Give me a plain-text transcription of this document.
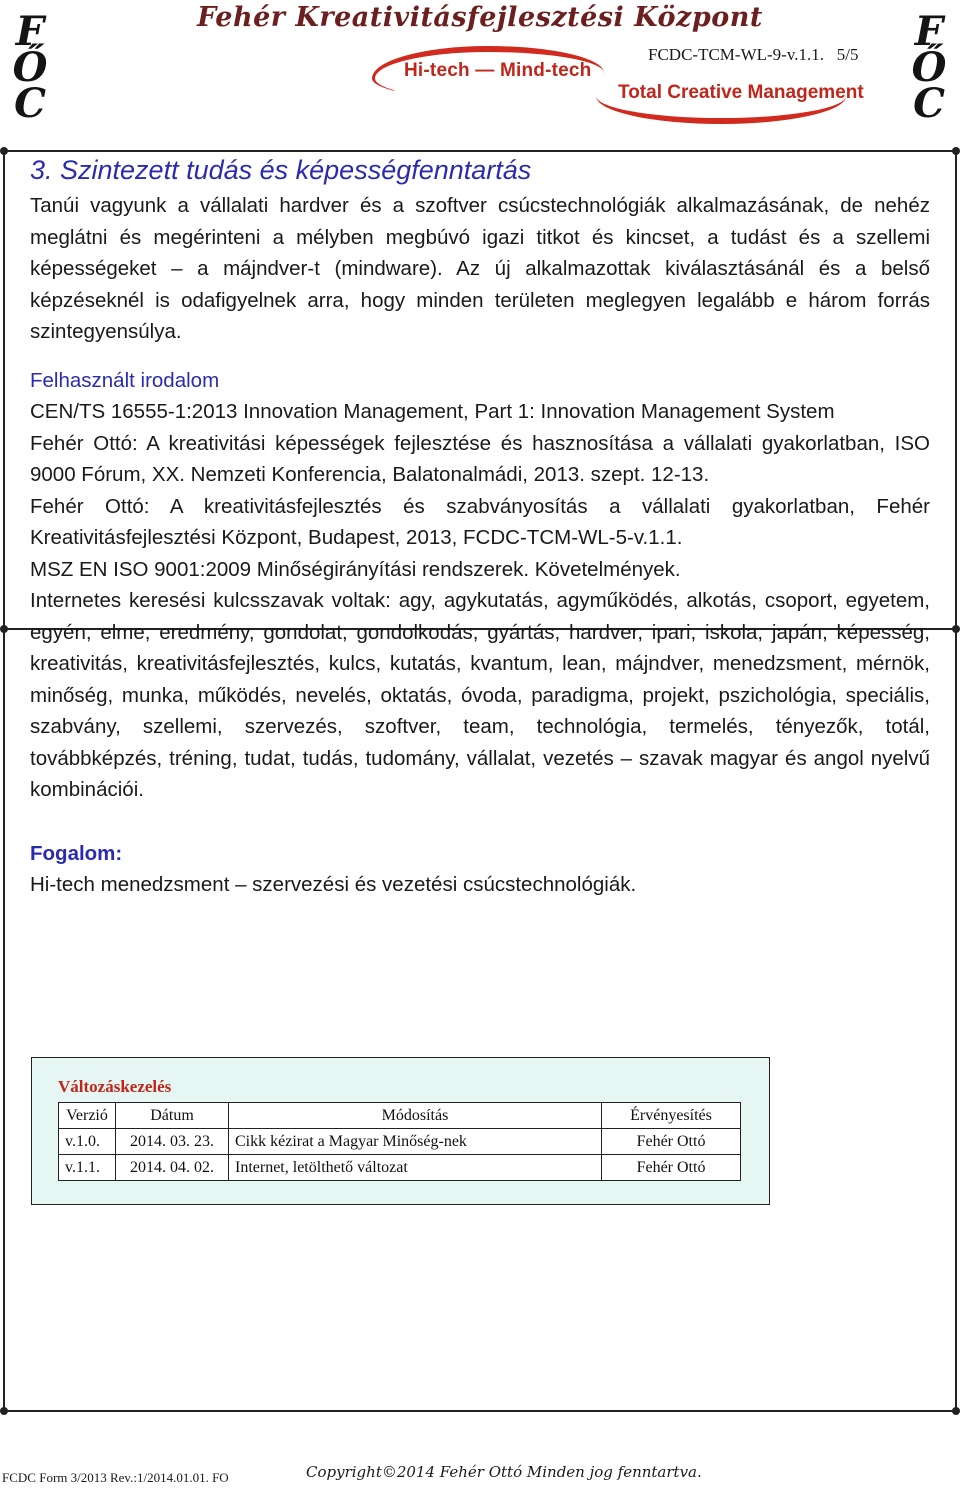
Fehér Kreativitásfejlesztési Központ
F
Ő
C
F
Ő
C
Hi-tech — Mind-tech
Total Creative Management
FCDC-TCM-WL-9-v.1.1. 5/5
3. Szintezett tudás és képességfenntartás

Tanúi vagyunk a vállalati hardver és a szoftver csúcstechnológiák alkalmazásának, de nehéz meglátni és megérinteni a mélyben megbúvó igazi titkot és kincset, a tudást és a szellemi képességeket – a májndver-t (mindware). Az új alkalmazottak kiválasztásánál és a belső képzéseknél is odafigyelnek arra, hogy minden területen meglegyen legalább e három forrás szintegyensúlya.

Felhasznált irodalom

CEN/TS 16555-1:2013 Innovation Management, Part 1: Innovation Management System

Fehér Ottó: A kreativitási képességek fejlesztése és hasznosítása a vállalati gyakorlatban, ISO 9000 Fórum, XX. Nemzeti Konferencia, Balatonalmádi, 2013. szept. 12-13.

Fehér Ottó: A kreativitásfejlesztés és szabványosítás a vállalati gyakorlatban, Fehér Kreativitásfejlesztési Központ, Budapest, 2013, FCDC-TCM-WL-5-v.1.1.

MSZ EN ISO 9001:2009 Minőségirányítási rendszerek. Követelmények.

Internetes keresési kulcsszavak voltak: agy, agykutatás, agyműködés, alkotás, csoport, egyetem, egyén, elme, eredmény, gondolat, gondolkodás, gyártás, hardver, ipari, iskola, japán, képesség, kreativitás, kreativitásfejlesztés, kulcs, kutatás, kvantum, lean, májndver, menedzsment, mérnök, minőség, munka, működés, nevelés, oktatás, óvoda, paradigma, projekt, pszichológia, speciális, szabvány, szellemi, szervezés, szoftver, team, technológia, termelés, tényezők, totál, továbbképzés, tréning, tudat, tudás, tudomány, vállalat, vezetés – szavak magyar és angol nyelvű kombinációi.

Fogalom:

Hi-tech menedzsment – szervezési és vezetési csúcstechnológiák.

Változáskezelés
Verzió	Dátum	Módosítás	Érvényesítés
v.1.0.	2014. 03. 23.	Cikk kézirat a Magyar Minőség-nek	Fehér Ottó
v.1.1.	2014. 04. 02.	Internet, letölthető változat	Fehér Ottó
FCDC Form 3/2013 Rev.:1/2014.01.01. FO	Copyright©2014 Fehér Ottó Minden jog fenntartva.
